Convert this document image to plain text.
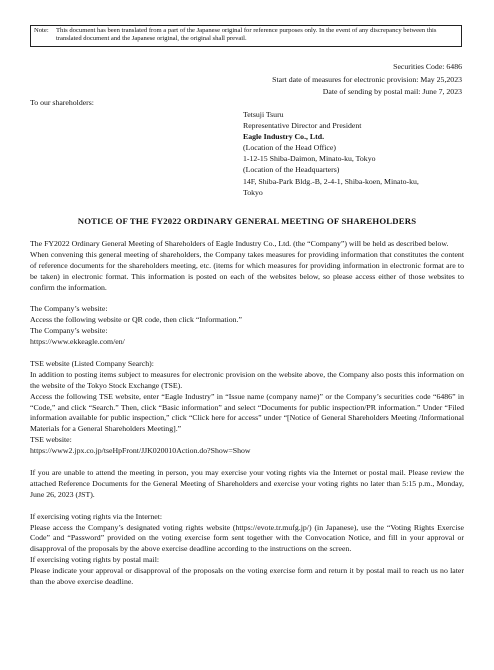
Note:	This document has been translated from a part of the Japanese original for reference purposes only. In the event of any discrepancy between this translated document and the Japanese original, the original shall prevail.
Securities Code: 6486
Start date of measures for electronic provision: May 25,2023
Date of sending by postal mail: June 7, 2023
To our shareholders:
Tetsuji Tsuru
Representative Director and President
Eagle Industry Co., Ltd.
(Location of the Head Office)
1-12-15 Shiba-Daimon, Minato-ku, Tokyo
(Location of the Headquarters)
14F, Shiba-Park Bldg.-B, 2-4-1, Shiba-koen, Minato-ku,
Tokyo
NOTICE OF THE FY2022 ORDINARY GENERAL MEETING OF SHAREHOLDERS

The FY2022 Ordinary General Meeting of Shareholders of Eagle Industry Co., Ltd. (the “Company”) will be held as described below.

When convening this general meeting of shareholders, the Company takes measures for providing information that constitutes the content of reference documents for the shareholders meeting, etc. (items for which measures for providing information in electronic format are to be taken) in electronic format. This information is posted on each of the websites below, so please access either of those websites to confirm the information.

The Company’s website:

Access the following website or QR code, then click “Information.”

The Company’s website:

https://www.ekkeagle.com/en/

TSE website (Listed Company Search):

In addition to posting items subject to measures for electronic provision on the website above, the Company also posts this information on the website of the Tokyo Stock Exchange (TSE).

Access the following TSE website, enter “Eagle Industry” in “Issue name (company name)” or the Company’s securities code “6486” in “Code,” and click “Search.” Then, click “Basic information” and select “Documents for public inspection/PR information.” Under “Filed information available for public inspection,” click “Click here for access” under “[Notice of General Shareholders Meeting /Informational Materials for a General Shareholders Meeting].”

TSE website:

https://www2.jpx.co.jp/tseHpFront/JJK020010Action.do?Show=Show

If you are unable to attend the meeting in person, you may exercise your voting rights via the Internet or postal mail. Please review the attached Reference Documents for the General Meeting of Shareholders and exercise your voting rights no later than 5:15 p.m., Monday, June 26, 2023 (JST).

If exercising voting rights via the Internet:

Please access the Company’s designated voting rights website (https://evote.tr.mufg.jp/) (in Japanese), use the “Voting Rights Exercise Code” and “Password” provided on the voting exercise form sent together with the Convocation Notice, and fill in your approval or disapproval of the proposals by the above exercise deadline according to the instructions on the screen.

If exercising voting rights by postal mail:

Please indicate your approval or disapproval of the proposals on the voting exercise form and return it by postal mail to reach us no later than the above exercise deadline.
